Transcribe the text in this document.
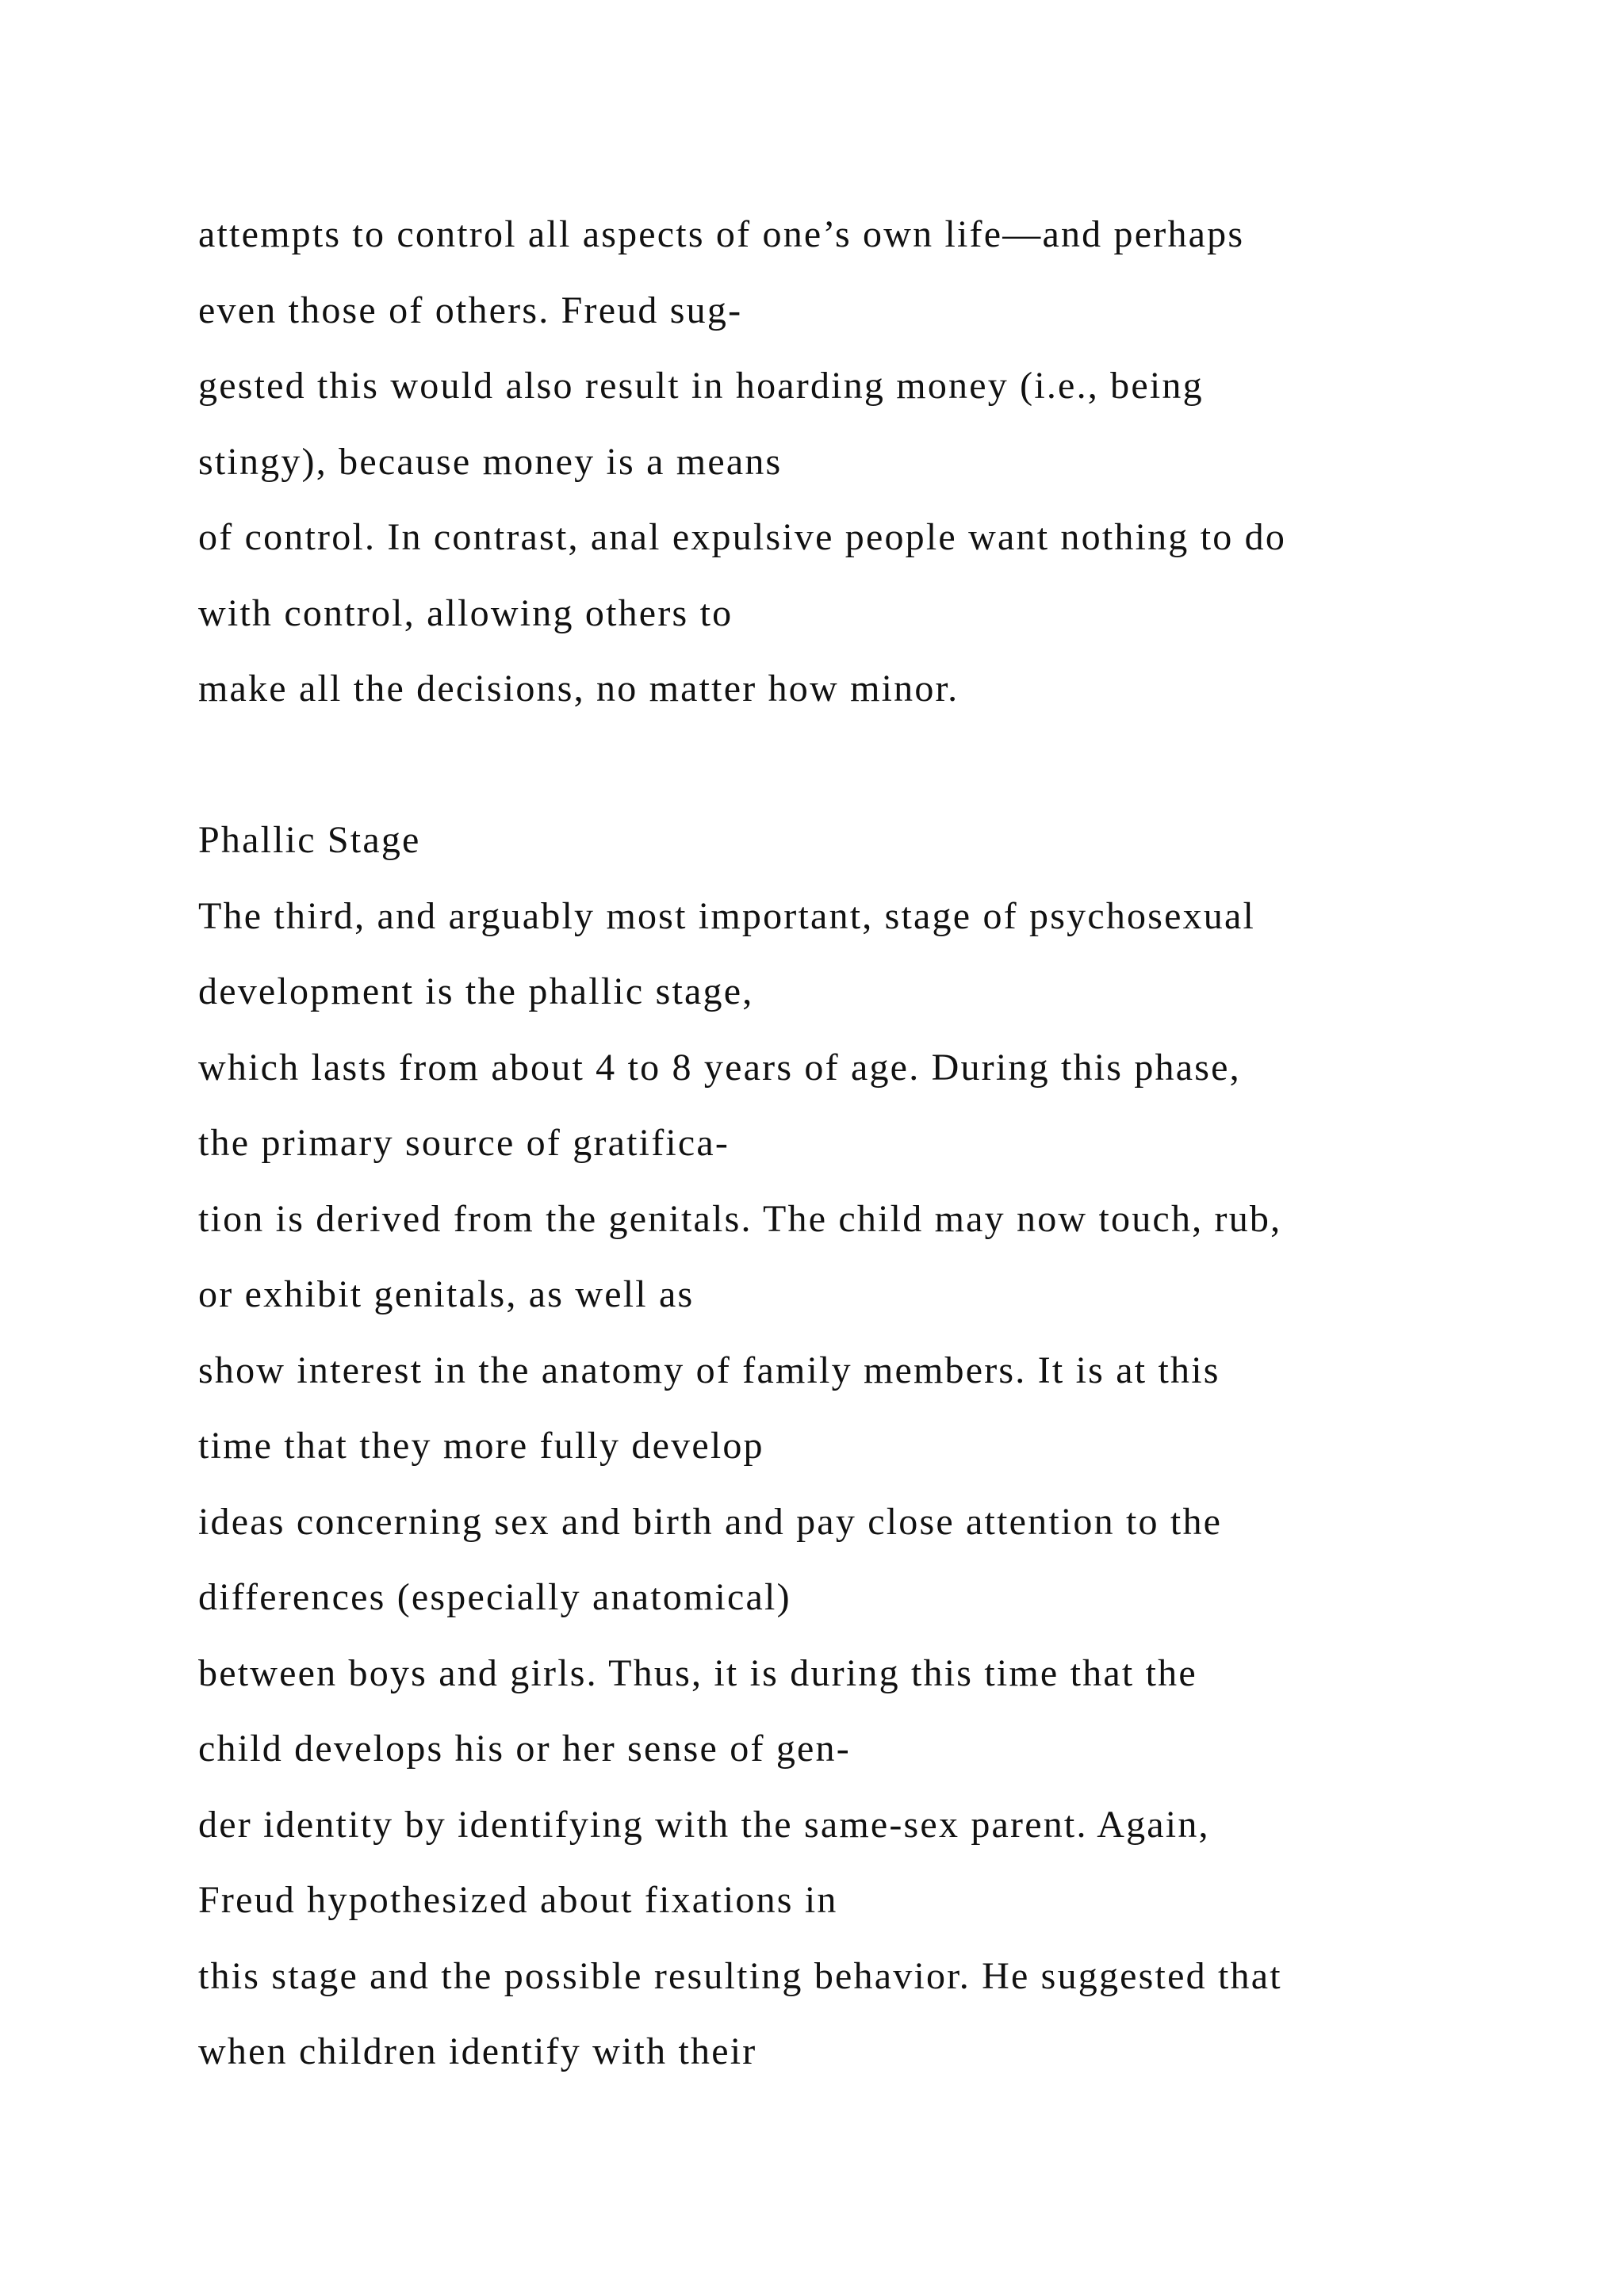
attempts to control all aspects of one’s own life—and perhaps
even those of others. Freud sug-
gested this would also result in hoarding money (i.e., being
stingy), because money is a means
of control. In contrast, anal expulsive people want nothing to do
with control, allowing others to
make all the decisions, no matter how minor.
Phallic Stage
The third, and arguably most important, stage of psychosexual
development is the phallic stage,
which lasts from about 4 to 8 years of age. During this phase,
the primary source of gratifica-
tion is derived from the genitals. The child may now touch, rub,
or exhibit genitals, as well as
show interest in the anatomy of family members. It is at this
time that they more fully develop
ideas concerning sex and birth and pay close attention to the
differences (especially anatomical)
between boys and girls. Thus, it is during this time that the
child develops his or her sense of gen-
der identity by identifying with the same-sex parent. Again,
Freud hypothesized about fixations in
this stage and the possible resulting behavior. He suggested that
when children identify with their
